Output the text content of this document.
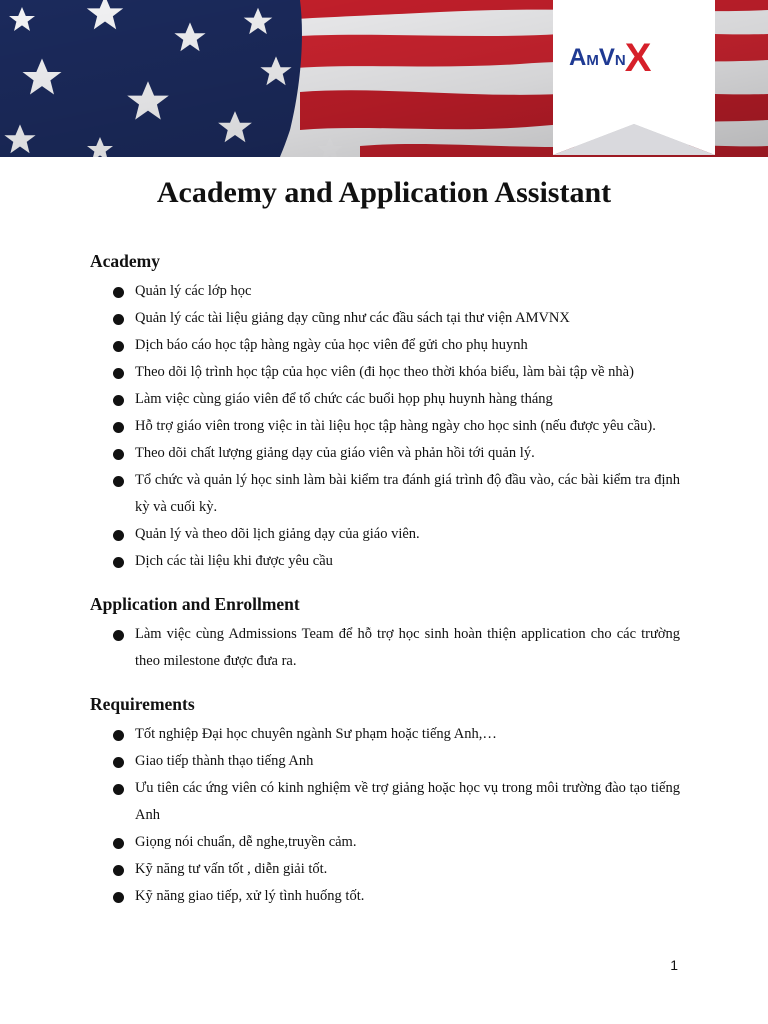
AMVNX
Academy and Application Assistant
Academy
Quản lý các lớp học
Quản lý các tài liệu giảng dạy cũng như các đầu sách tại thư viện AMVNX
Dịch báo cáo học tập hàng ngày của học viên để gửi cho phụ huynh
Theo dõi lộ trình học tập của học viên (đi học theo thời khóa biểu, làm bài tập về nhà)
Làm việc cùng giáo viên để tổ chức các buổi họp phụ huynh hàng tháng
Hỗ trợ giáo viên trong việc in tài liệu học tập hàng ngày cho học sinh (nếu được yêu cầu).
Theo dõi chất lượng giảng dạy của giáo viên và phản hồi tới quản lý.
Tổ chức và quản lý học sinh làm bài kiểm tra đánh giá trình độ đầu vào, các bài kiểm tra định kỳ và cuối kỳ.
Quản lý và theo dõi lịch giảng dạy của giáo viên.
Dịch các tài liệu khi được yêu cầu
Application and Enrollment
Làm việc cùng Admissions Team để hỗ trợ học sinh hoàn thiện application cho các trường theo milestone được đưa ra.
Requirements
Tốt nghiệp Đại học chuyên ngành Sư phạm hoặc tiếng Anh,…
Giao tiếp thành thạo tiếng Anh
Ưu tiên các ứng viên có kinh nghiệm về trợ giảng hoặc học vụ trong môi trường đào tạo tiếng Anh
Giọng nói chuẩn, dễ nghe,truyền cảm.
Kỹ năng tư vấn tốt , diễn giải tốt.
Kỹ năng giao tiếp, xử lý tình huống tốt.
1
